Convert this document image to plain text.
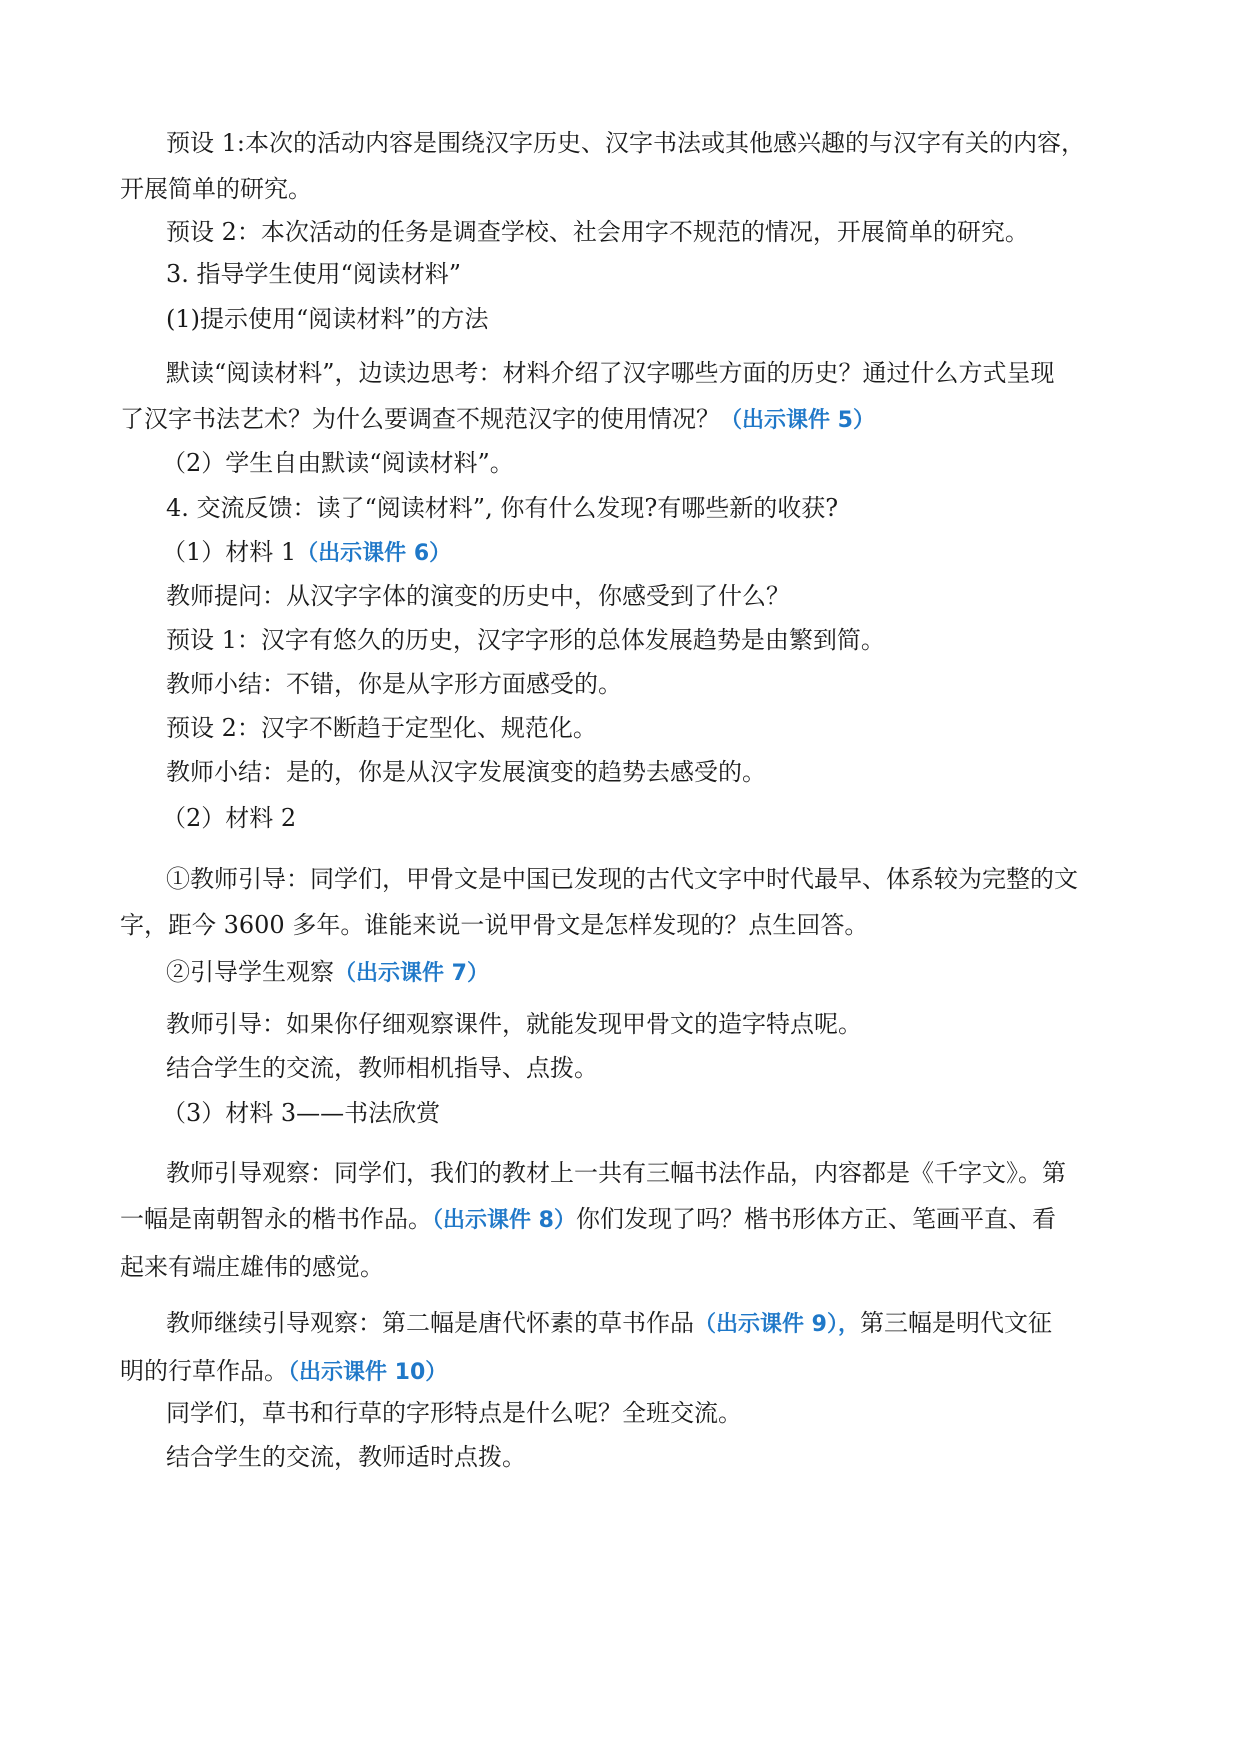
预设 1:本次的活动内容是围绕汉字历史、汉字书法或其他感兴趣的与汉字有关的内容，
开展简单的研究。
预设 2：本次活动的任务是调查学校、社会用字不规范的情况，开展简单的研究。
3. 指导学生使用“阅读材料”
(1)提示使用“阅读材料”的方法
默读“阅读材料”，边读边思考：材料介绍了汉字哪些方面的历史？通过什么方式呈现
了汉字书法艺术？为什么要调查不规范汉字的使用情况？（出示课件 5）
（2）学生自由默读“阅读材料”。
4. 交流反馈：读了“阅读材料”, 你有什么发现?有哪些新的收获?
（1）材料 1（出示课件 6）
教师提问：从汉字字体的演变的历史中，你感受到了什么？
预设 1：汉字有悠久的历史，汉字字形的总体发展趋势是由繁到简。
教师小结：不错，你是从字形方面感受的。
预设 2：汉字不断趋于定型化、规范化。
教师小结：是的，你是从汉字发展演变的趋势去感受的。
（2）材料 2
①教师引导：同学们，甲骨文是中国已发现的古代文字中时代最早、体系较为完整的文
字，距今 3600 多年。谁能来说一说甲骨文是怎样发现的？点生回答。
②引导学生观察（出示课件 7）
教师引导：如果你仔细观察课件，就能发现甲骨文的造字特点呢。
结合学生的交流，教师相机指导、点拨。
（3）材料 3——书法欣赏
教师引导观察：同学们，我们的教材上一共有三幅书法作品，内容都是《千字文》。第
一幅是南朝智永的楷书作品。（出示课件 8）你们发现了吗？楷书形体方正、笔画平直、看
起来有端庄雄伟的感觉。
教师继续引导观察：第二幅是唐代怀素的草书作品（出示课件 9），第三幅是明代文征
明的行草作品。（出示课件 10）
同学们，草书和行草的字形特点是什么呢？全班交流。
结合学生的交流，教师适时点拨。
